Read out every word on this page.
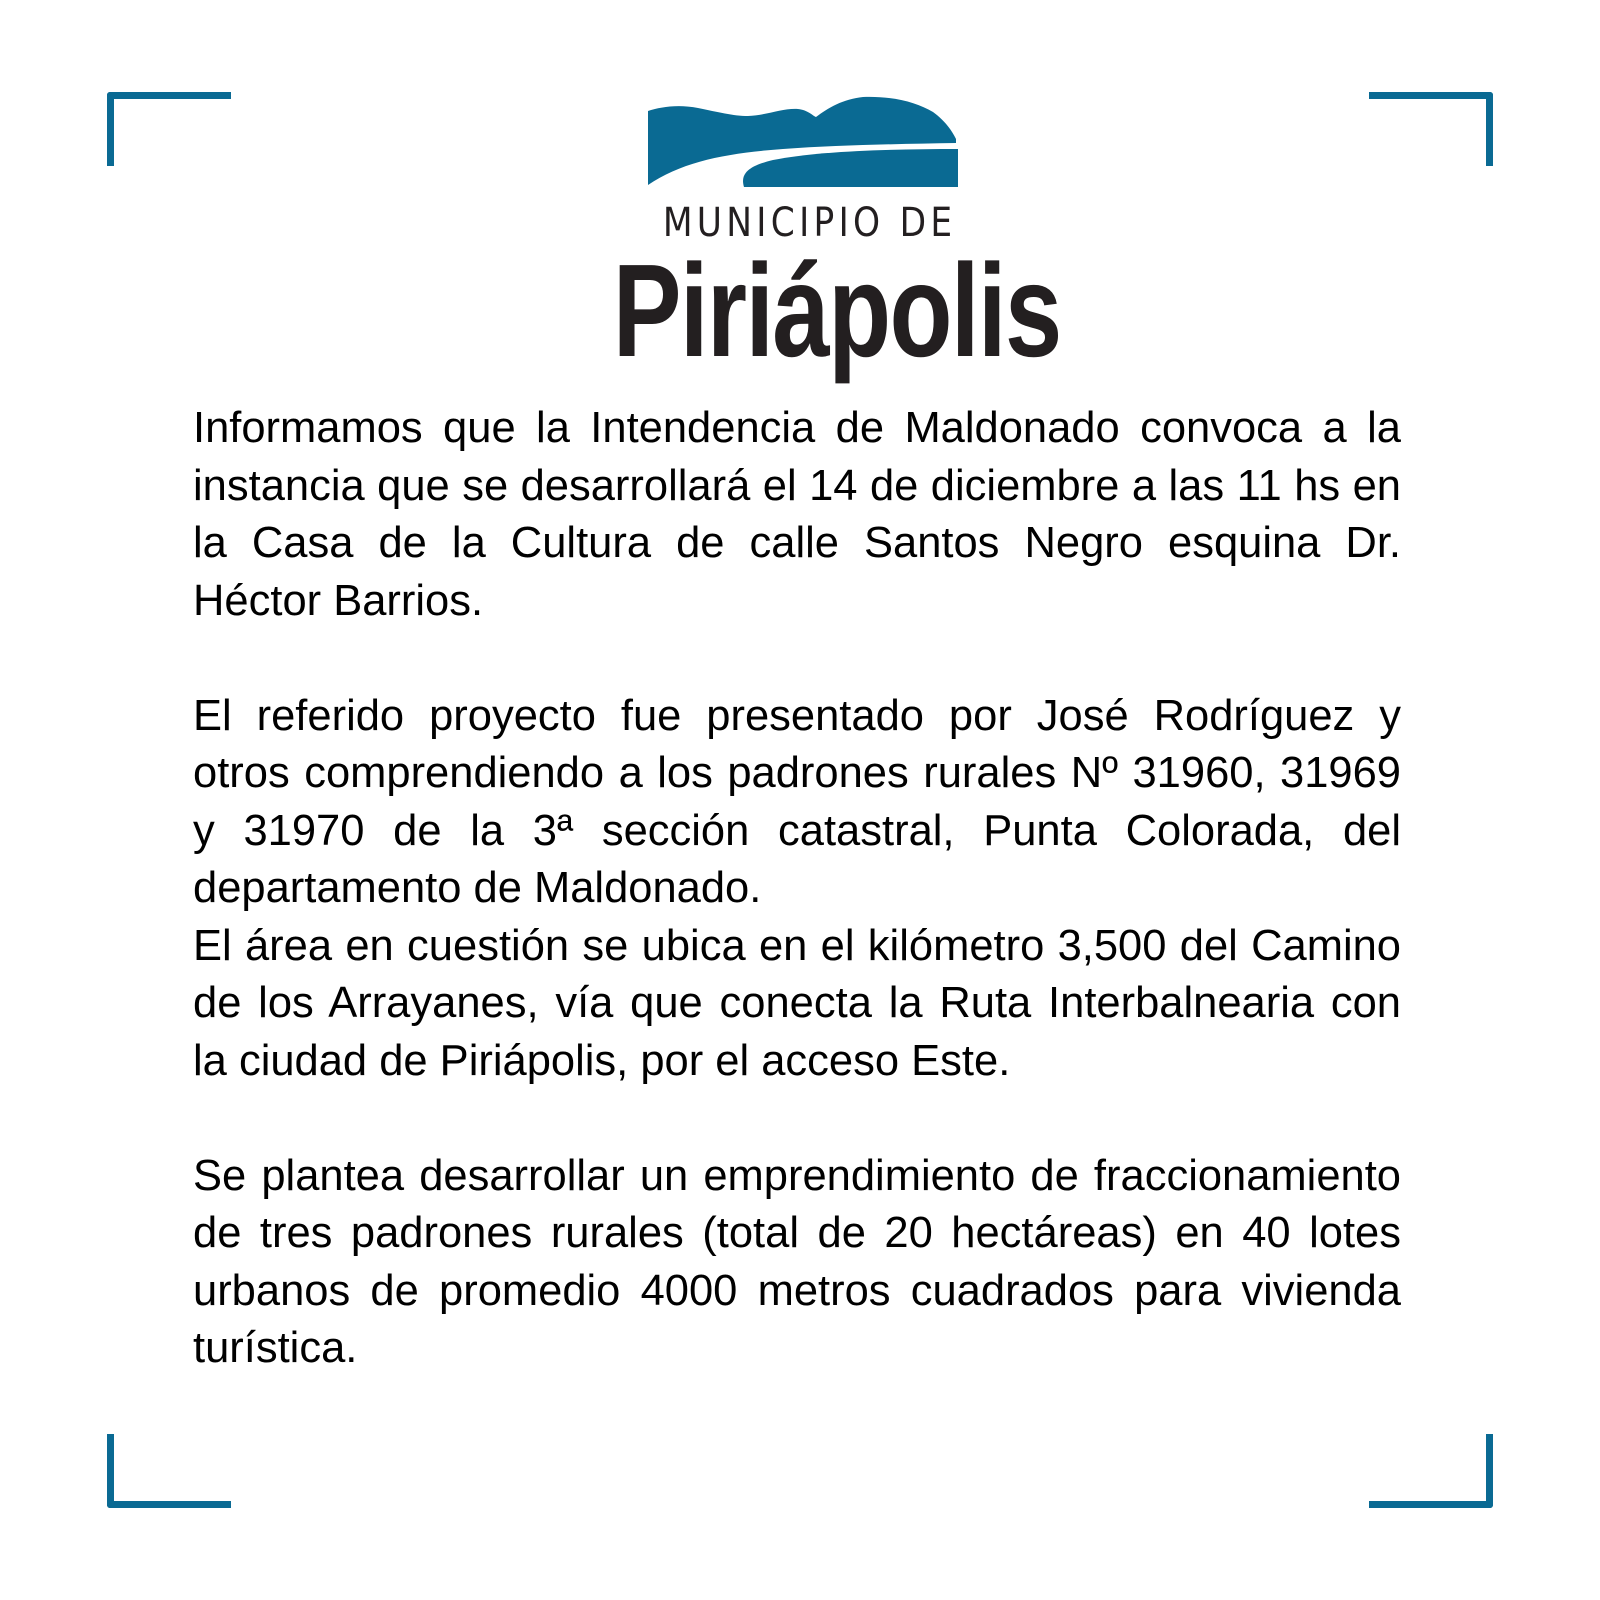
MUNICIPIO DE
Piriápolis

Informamos que la Intendencia de Maldonado convoca a la instancia que se desarrollará el 14 de diciembre a las 11 hs en la Casa de la Cultura de calle Santos Negro esquina Dr. Héctor Barrios.

El referido proyecto fue presentado por José Rodríguez y otros comprendiendo a los padrones rurales Nº 31960, 31969 y 31970 de la 3ª sección catastral, Punta Colorada, del departamento de Maldonado.

El área en cuestión se ubica en el kilómetro 3,500 del Camino de los Arrayanes, vía que conecta la Ruta Interbalnearia con la ciudad de Piriápolis, por el acceso Este.

Se plantea desarrollar un emprendimiento de fraccionamiento de tres padrones rurales (total de 20 hectáreas) en 40 lotes urbanos de promedio 4000 metros cuadrados para vivienda turística.
